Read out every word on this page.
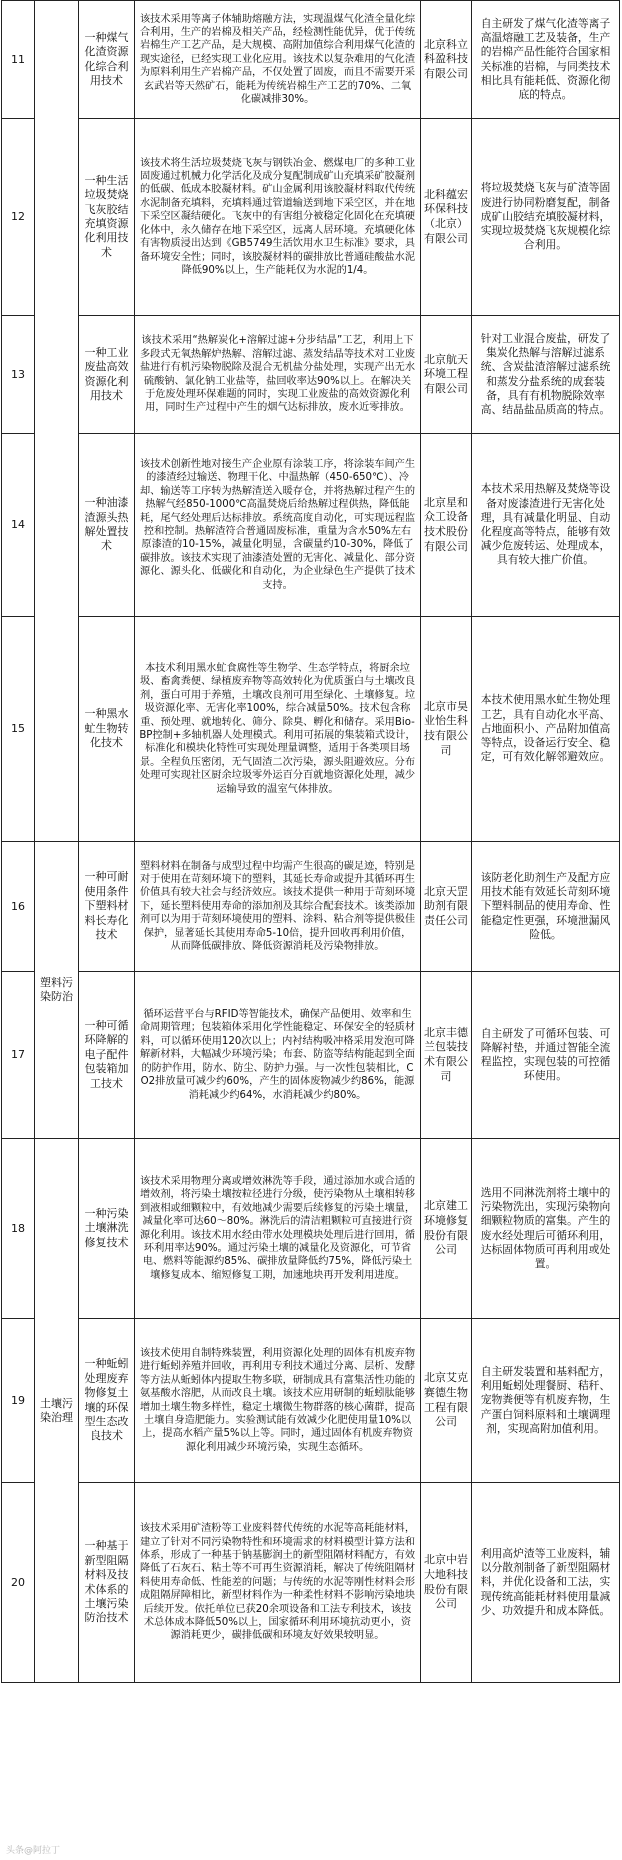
11		一种煤气化渣资源化综合利用技术	该技术采用等离子体辅助熔融方法，实现温煤气化渣全量化综合利用，生产的岩棉及相关产品，经检测性能优异，优于传统岩棉生产工艺产品，是大规模、高附加值综合利用煤气化渣的现实途径，已经实现工业化应用。该技术以复杂难用的气化渣为原料利用生产岩棉产品，不仅处置了固废，而且不需要开采玄武岩等天然矿石，能耗为传统岩棉生产工艺的70%、二氧化碳减排30%。	北京科立科盈科技有限公司	自主研发了煤气化渣等离子高温熔融工艺及装备，生产的岩棉产品性能符合国家相关标准的岩棉，与同类技术相比具有能耗低、资源化彻底的特点。
12		一种生活垃圾焚烧飞灰胶结充填资源化利用技术	该技术将生活垃圾焚烧飞灰与钢铁冶金、燃煤电厂的多种工业固废通过机械力化学活化及成分复配制成矿山充填采矿胶凝剂的低碳、低成本胶凝材料。矿山金属利用该胶凝材料取代传统水泥制备充填料，充填料通过管道输送到地下采空区，并在地下采空区凝结硬化。飞灰中的有害组分被稳定化固化在充填硬化体中，永久储存在地下采空区，远离人居环境。充填硬化体有害物质浸出达到《GB5749生活饮用水卫生标准》要求，具备环境安全性；同时，该胶凝材料的碳排放比普通硅酸盐水泥降低90%以上，生产能耗仅为水泥的1/4。	北科蕴宏环保科技（北京）有限公司	将垃圾焚烧飞灰与矿渣等固废进行协同粉磨复配，制备成矿山胶结充填胶凝材料，实现垃圾焚烧飞灰规模化综合利用。
13		一种工业废盐高效资源化利用技术	该技术采用“热解炭化+溶解过滤+分步结晶”工艺，利用上下多段式无氧热解炉热解、溶解过滤、蒸发结晶等技术对工业废盐进行有机污染物脱除及混合无机盐分盐处理，实现产出无水硫酸钠、氯化钠工业盐等，盐回收率达90%以上。在解决关于危废处理环保难题的同时，实现工业废盐的高效资源化利用，同时生产过程中产生的烟气达标排放，废水近零排放。	北京航天环境工程有限公司	针对工业混合废盐，研发了集炭化热解与溶解过滤系统、含炭盐渣溶解过滤系统和蒸发分盐系统的成套装备，具有有机物脱除效率高、结晶盐品质高的特点。
14		一种油漆渣源头热解处置技术	该技术创新性地对接生产企业原有涂装工序，将涂装车间产生的漆渣经过输送、物理干化、中温热解（450-650℃）、冷却、输送等工序转为热解渣送入暖存仓，并将热解过程产生的热解气经850-1000℃高温焚烧后给热解过程供热，降低能耗，尾气经处理后达标排放。系统高度自动化，可实现远程监控和控制。热解渣符合普通固废标准，重量为含水50%左右原漆渣的10-15%，减量化明显，含碳量约10-30%，降低了碳排放。该技术实现了油漆渣处置的无害化、减量化、部分资源化、源头化、低碳化和自动化，为企业绿色生产提供了技术支持。	北京星和众工设备技术股份有限公司	本技术采用热解及焚烧等设备对废漆渣进行无害化处理，具有减量化明显、自动化程度高等特点，能够有效减少危废转运、处理成本，具有较大推广价值。
15		一种黑水虻生物转化技术	本技术利用黑水虻食腐性等生物学、生态学特点，将厨余垃圾、畜禽粪便、绿植废弃物等高效转化为优质蛋白与土壤改良剂，蛋白可用于养殖，土壤改良剂可用至绿化、土壤修复。垃圾资源化率、无害化率100%，综合减量50%。技术包含称重、预处理、就地转化、筛分、除臭、孵化和储存。采用Bio-BP控制+多轴机器人处理模式。利用可拓展的集装箱式设计，标准化和模块化特性可实现处理量调整，适用于各类项目场景。全程负压密闭，无气固渣二次污染，源头阻避效应。分布处理可实现社区厨余垃圾零外运百分百就地资源化处理，减少运输导致的温室气体排放。	北京市昊业怡生科技有限公司	本技术使用黑水虻生物处理工艺，具有自动化水平高、占地面积小、产品附加值高等特点，设备运行安全、稳定，可有效化解邻避效应。
16	塑料污染防治	一种可耐使用条件下塑料材料长寿化技术	塑料材料在制备与成型过程中均需产生很高的碳足迹，特别是对于使用在苛刻环境下的塑料，其延长寿命或提升其循环再生价值具有较大社会与经济效应。该技术提供一种用于苛刻环境下，延长塑料使用寿命的添加剂及其综合配套技术。该类添加剂可以为用于苛刻环境使用的塑料、涂料、粘合剂等提供极佳保护，显著延长其使用寿命5-10倍，提升回收再利用价值，从而降低碳排放、降低资源消耗及污染物排放。	北京天罡助剂有限责任公司	该防老化助剂生产及配方应用技术能有效延长苛刻环境下塑料制品的使用寿命、性能稳定性更强，环境泄漏风险低。
17		一种可循环降解的电子配件包装箱加工技术	循环运营平台与RFID等智能技术，确保产品便用、效率和生命周期管理；包装箱体采用化学性能稳定、环保安全的轻质材料，可以循环使用120次以上；内衬结构吸冲格采用发泡可降解新材料，大幅减少环境污染；布套、防盗等结构能起到全面的防护作用，防水、防尘、防护力强。与一次性包装相比，CO2排放量可减少约60%，产生的固体废物减少约86%，能源消耗减少约64%，水消耗减少约80%。	北京丰德兰包装技术有限公司	自主研发了可循环包装、可降解衬垫，并通过智能全流程监控，实现包装的可控循环使用。
18	土壤污染治理	一种污染土壤淋洗修复技术	该技术采用物理分离或增效淋洗等手段，通过添加水或合适的增效剂，将污染土壤按粒径进行分级，使污染物从土壤相转移到液相或细颗粒中，有效地减少需要后续修复的污染土壤量，减量化率可达60～80%。淋洗后的清洁粗颗粒可直接进行资源化利用。该技术用水经由带水处理模块处理后进行回用，循环利用率达90%。通过污染土壤的减量化及资源化，可节省电、燃料等能源约85%、碳排放量降低约75%，降低污染土壤修复成本、缩短修复工期，加速地块再开发利用进度。	北京建工环境修复股份有限公司	选用不同淋洗剂将土壤中的污染物洗出，实现污染物向细颗粒物质的富集。产生的废水经处理后可循环利用，达标固体物质可再利用或处置。
19		一种蚯蚓处理废弃物修复土壤的环保型生态改良技术	该技术使用自制特殊装置，利用资源化处理的固体有机废弃物进行蚯蚓养殖并回收，再利用专利技术通过分离、层析、发酵等方法从蚯蚓体内提取生物多联，研制成具有富集活性功能的氨基酸水溶肥，从而改良土壤。该技术应用研制的蚯蚓肽能够增加土壤生物多样性，稳定土壤微生物群落的核心菌群，提高土壤自身造肥能力。实验测试能有效减少化肥使用量10%以上，提高水稻产量5%以上等。同时，通过固体有机废弃物资源化利用减少环境污染，实现生态循环。	北京艾克赛德生物工程有限公司	自主研发装置和基料配方，利用蚯蚓处理餐厨、秸秆、宠物粪便等有机废弃物，生产蛋白饲料原料和土壤调理剂，实现高附加值利用。
20		一种基于新型阻隔材料及技术体系的土壤污染防治技术	该技术采用矿渣粉等工业废料替代传统的水泥等高耗能材料，建立了针对不同污染物特性和环境需求的材料模型计算方法和体系，形成了一种基于钠基膨润土的新型阻隔材料配方，有效降低了石灰石、粘土等不可再生资源消耗，解决了传统阻隔材料使用寿命低、性能差的问题；与传统的水泥等刚性材料会形成阻隔屏障相比，新型材料作为一种柔性材料不影响污染地块后续开发。依托单位已获20余项设备和工法专利技术，该技术总体成本降低50%以上，国家循环利用环境抗动更小，资源消耗更少，碳排低碳和环境友好效果较明显。	北京中岩大地科技股份有限公司	利用高炉渣等工业废料，辅以分散剂制备了新型阻隔材料，并优化设备和工法，实现传统高能耗材料使用量减少、功效提升和成本降低。
头条@阿拉丁
